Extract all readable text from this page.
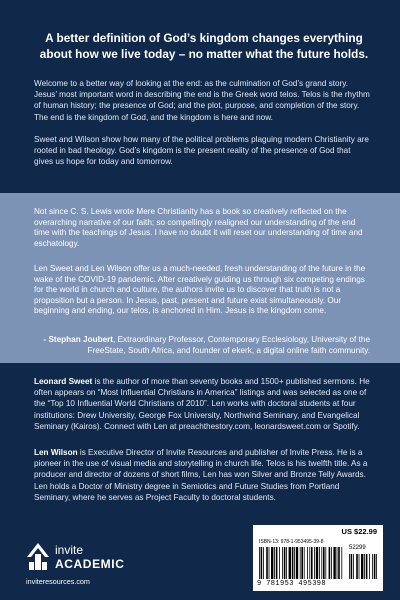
A better definition of God’s kingdom changes everything about how we live today – no matter what the future holds.

Welcome to a better way of looking at the end: as the culmination of God’s grand story. Jesus’ most important word in describing the end is the Greek word telos. Telos is the rhythm of human history; the presence of God; and the plot, purpose, and completion of the story. The end is the kingdom of God, and the kingdom is here and now.

Sweet and Wilson show how many of the political problems plaguing modern Christianity are rooted in bad theology. God’s kingdom is the present reality of the presence of God that gives us hope for today and tomorrow.

Not since C. S. Lewis wrote Mere Christianity has a book so creatively reflected on the overarching narrative of our faith; so compellingly realigned our understanding of the end time with the teachings of Jesus. I have no doubt it will reset our understanding of time and eschatology.

Len Sweet and Len Wilson offer us a much-needed, fresh understanding of the future in the wake of the COVID-19 pandemic. After creatively guiding us through six competing endings for the world in church and culture, the authors invite us to discover that truth is not a proposition but a person. In Jesus, past, present and future exist simultaneously. Our beginning and ending, our telos, is anchored in Him. Jesus is the kingdom come.

- Stephan Joubert, Extraordinary Professor, Contemporary Ecclesiology, University of the FreeState, South Africa, and founder of ekerk, a digital online faith community.

Leonard Sweet is the author of more than seventy books and 1500+ published sermons. He often appears on “Most Influential Christians in America” listings and was selected as one of the “Top 10 Influential World Christians of 2010”. Len works with doctoral students at four institutions: Drew University, George Fox University, Northwind Seminary, and Evangelical Seminary (Kairos). Connect with Len at preachthestory.com, leonardsweet.com or Spotify.

Len Wilson is Executive Director of Invite Resources and publisher of Invite Press. He is a pioneer in the use of visual media and storytelling in church life. Telos is his twelfth title. As a producer and director of dozens of short films, Len has won Silver and Bronze Telly Awards. Len holds a Doctor of Ministry degree in Semiotics and Future Studies from Portland Seminary, where he serves as Project Faculty to doctoral students.

invite
ACADEMIC
inviteresources.com
US $22.99
ISBN-13: 978-1-953495-39-8
52299
9 781953 495398
